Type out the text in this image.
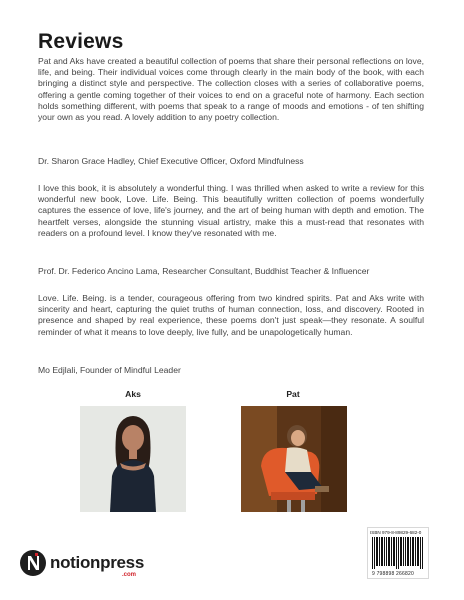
Reviews

Pat and Aks have created a beautiful collection of poems that share their personal reflections on love, life, and being. Their individual voices come through clearly in the main body of the book, with each bringing a distinct style and perspective. The collection closes with a series of collaborative poems, offering a gentle coming together of their voices to end on a graceful note of harmony. Each section holds something different, with poems that speak to a range of moods and emotions - of ten shifting your own as you read. A lovely addition to any poetry collection.

Dr. Sharon Grace Hadley, Chief Executive Officer, Oxford Mindfulness

I love this book, it is absolutely a wonderful thing. I was thrilled when asked to write a review for this wonderful new book, Love. Life. Being. This beautifully written collection of poems wonderfully captures the essence of love, life's journey, and the art of being human with depth and emotion. The heartfelt verses, alongside the stunning visual artistry, make this a must-read that resonates with readers on a profound level. I know they've resonated with me.

Prof. Dr. Federico Ancino Lama, Researcher Consultant, Buddhist Teacher & Influencer

Love. Life. Being. is a tender, courageous offering from two kindred spirits. Pat and Aks write with sincerity and heart, capturing the quiet truths of human connection, loss, and discovery. Rooted in presence and shaped by real experience, these poems don't just speak—they resonate. A soulful reminder of what it means to love deeply, live fully, and be unapologetically human.

Mo Edjlali, Founder of Mindful Leader

Aks	Pat
ISBN 979-8-89829-682-0
9 798898 266820
notionpress
.com
